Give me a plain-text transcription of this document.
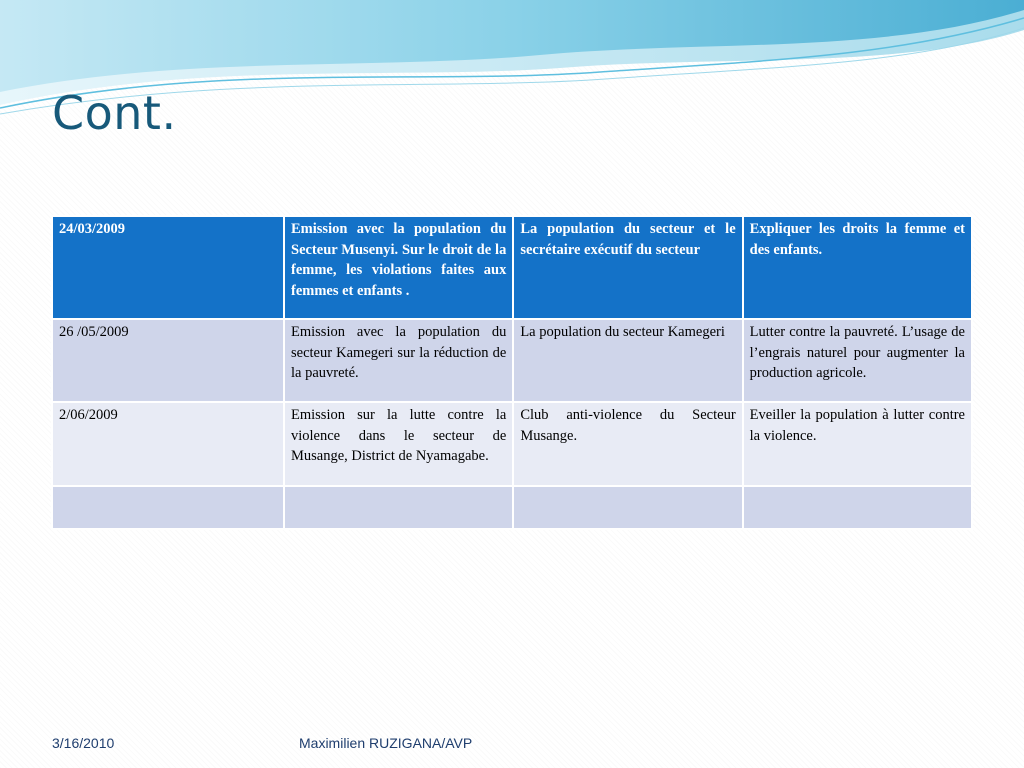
Cont.
24/03/2009	Emission avec la population du Secteur Musenyi. Sur le droit de la femme, les violations faites aux femmes et enfants .	La population du secteur et le secrétaire exécutif du secteur	Expliquer les droits la femme et des enfants.
26 /05/2009	Emission avec la population du secteur Kamegeri sur la réduction de la pauvreté.	La population du secteur Kamegeri	Lutter contre la pauvreté. L’usage de l’engrais naturel pour augmenter la production agricole.
2/06/2009	Emission sur la lutte contre la violence dans le secteur de Musange, District de Nyamagabe.	Club anti-violence du Secteur Musange.	Eveiller la population à lutter contre la violence.

3/16/2010	Maximilien RUZIGANA/AVP
